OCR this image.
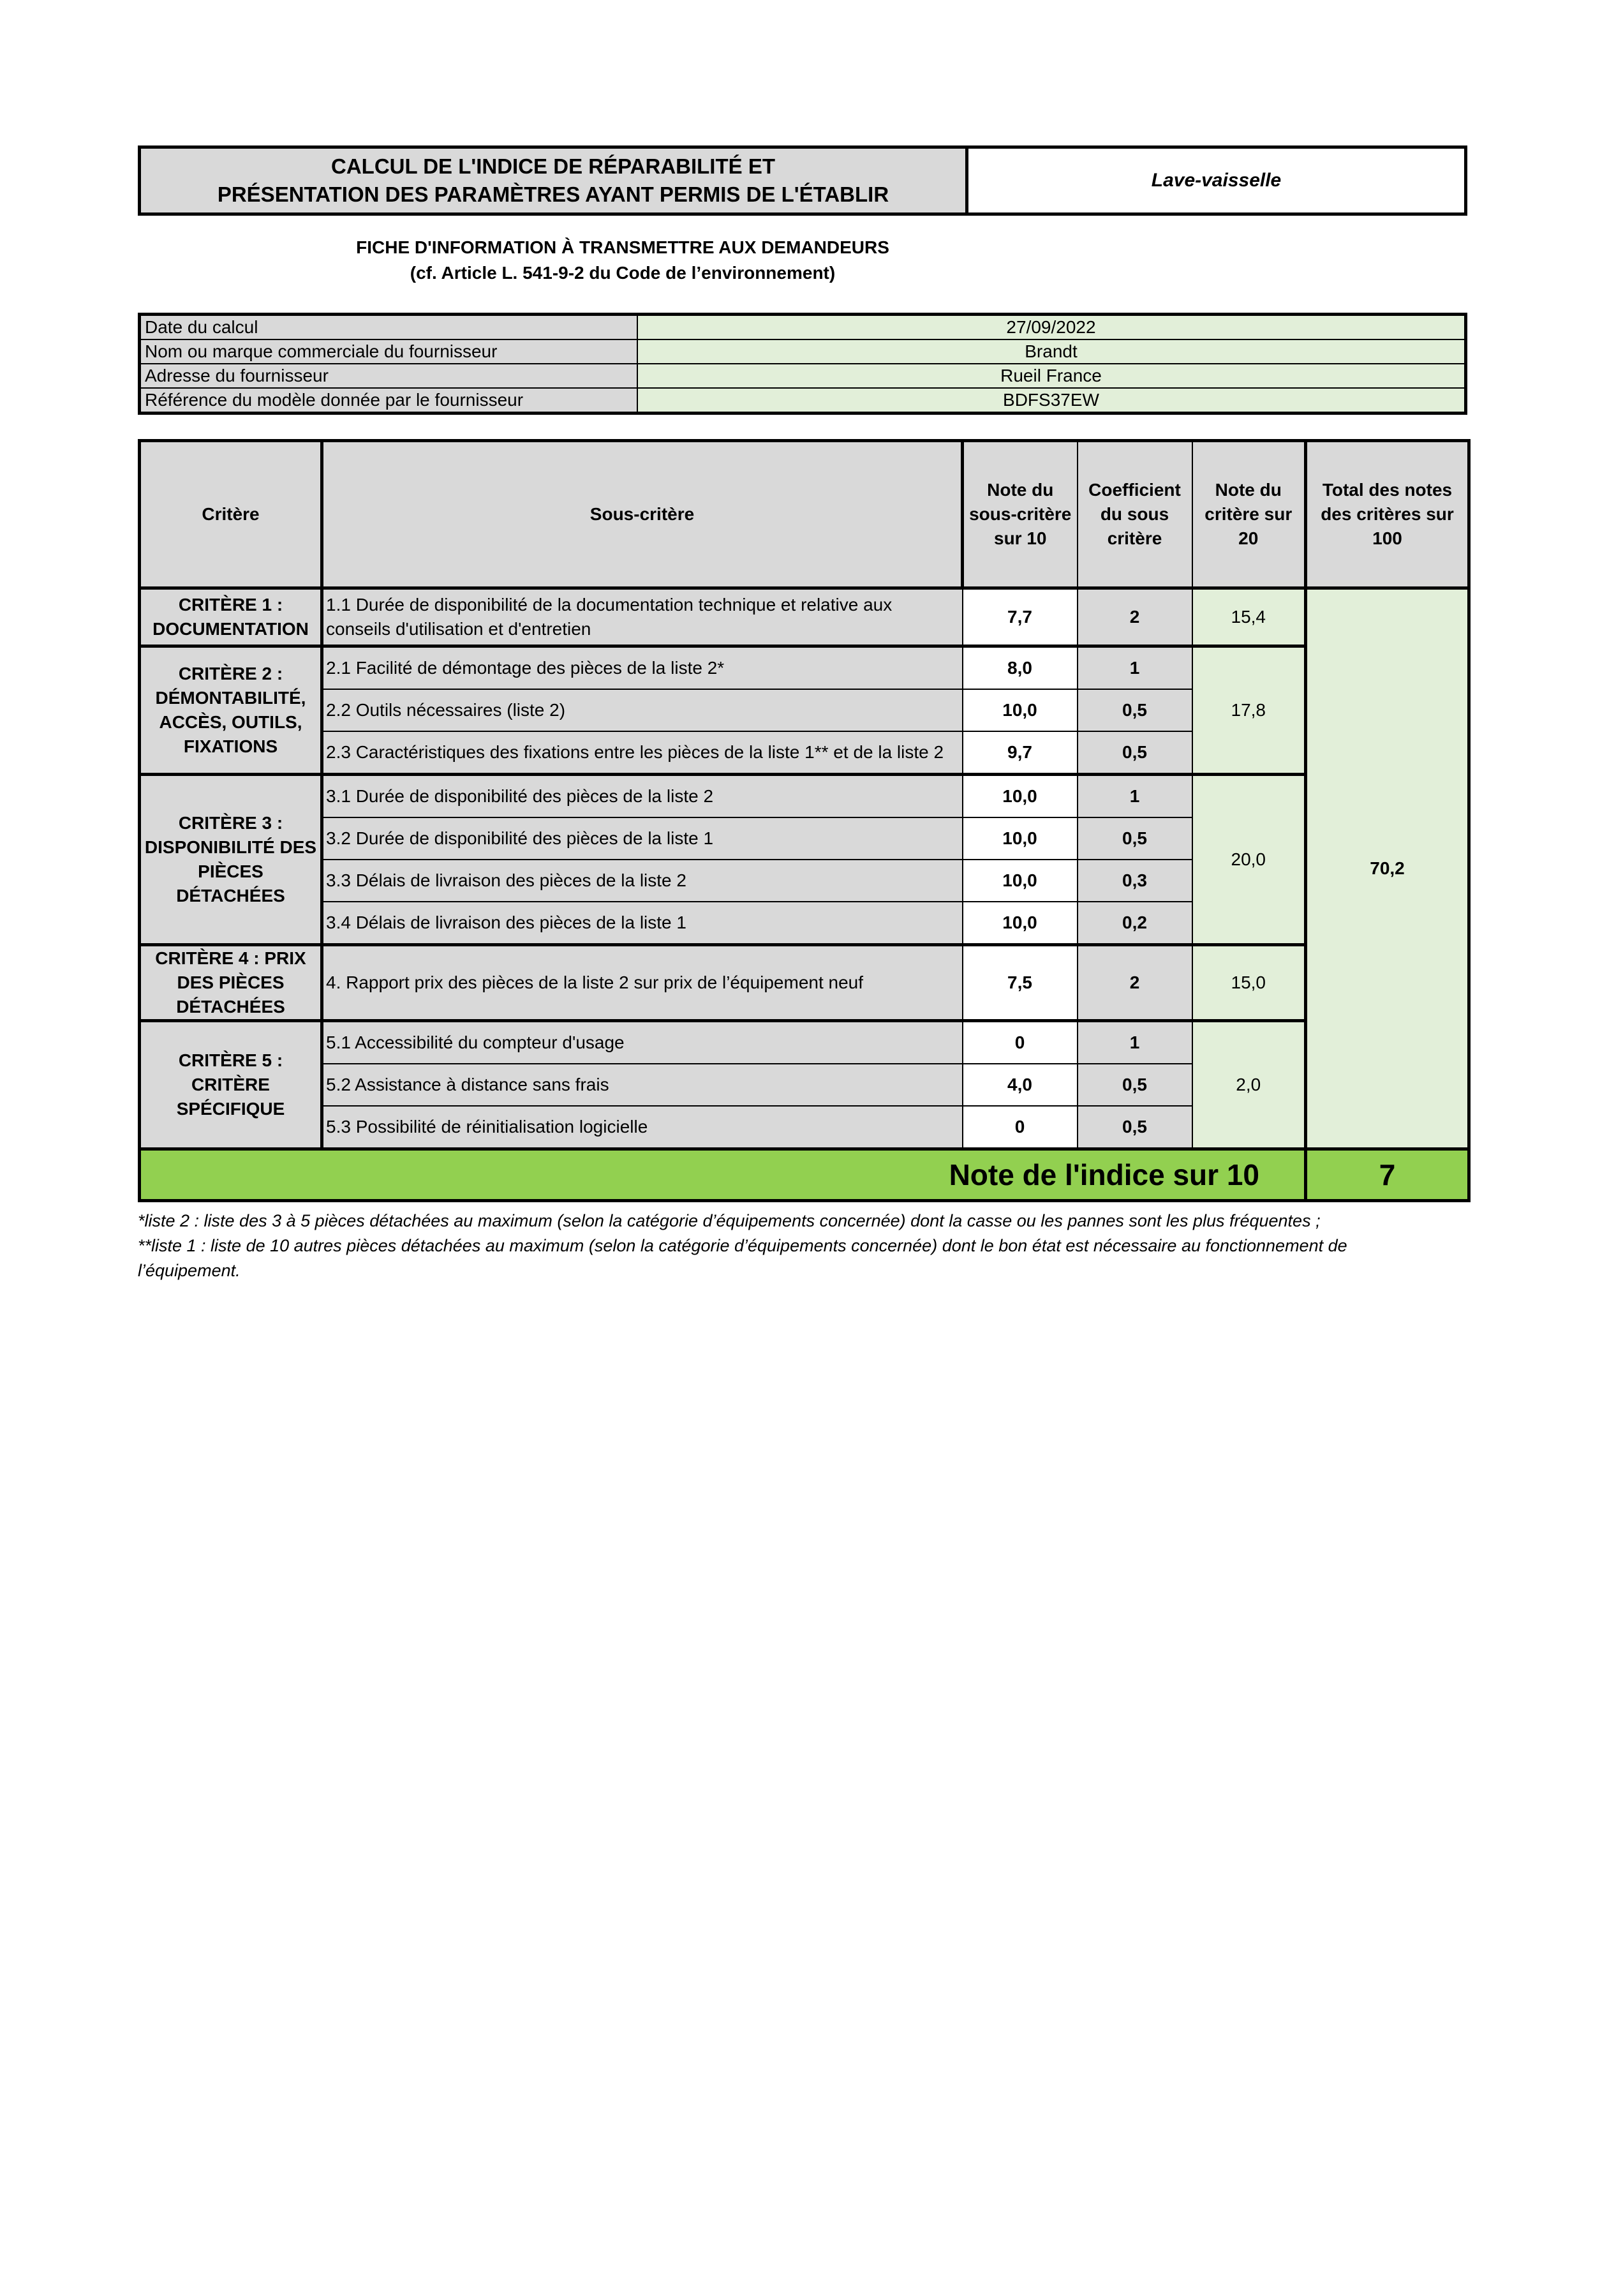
CALCUL DE L'INDICE DE RÉPARABILITÉ ET
PRÉSENTATION DES PARAMÈTRES AYANT PERMIS DE L'ÉTABLIR
	Lave-vaisselle
FICHE D'INFORMATION À TRANSMETTRE AUX DEMANDEURS
(cf. Article L. 541-9-2 du Code de l’environnement)
Date du calcul	27/09/2022
Nom ou marque commerciale du fournisseur	Brandt
Adresse du fournisseur	Rueil France
Référence du modèle donnée par le fournisseur	BDFS37EW
Critère	Sous-critère	Note du sous-critère sur 10	Coefficient du sous critère	Note du critère sur 20	Total des notes des critères sur 100
CRITÈRE 1 : DOCUMENTATION	1.1 Durée de disponibilité de la documentation technique et relative aux conseils d'utilisation et d'entretien	7,7	2	15,4	70,2
CRITÈRE 2 : DÉMONTABILITÉ, ACCÈS, OUTILS, FIXATIONS	2.1 Facilité de démontage des pièces de la liste 2*	8,0	1	17,8	
	2.2 Outils nécessaires (liste 2)	10,0	0,5		
	2.3 Caractéristiques des fixations entre les pièces de la liste 1** et de la liste 2	9,7	0,5		
CRITÈRE 3 : DISPONIBILITÉ DES PIÈCES DÉTACHÉES	3.1 Durée de disponibilité des pièces de la liste 2	10,0	1	20,0	
	3.2 Durée de disponibilité des pièces de la liste 1	10,0	0,5		
	3.3 Délais de livraison des pièces de la liste 2	10,0	0,3		
	3.4 Délais de livraison des pièces de la liste 1	10,0	0,2		
CRITÈRE 4 : PRIX DES PIÈCES DÉTACHÉES	4. Rapport prix des pièces de la liste 2 sur prix de l’équipement neuf	7,5	2	15,0	
CRITÈRE 5 : CRITÈRE SPÉCIFIQUE	5.1 Accessibilité du compteur d'usage	0	1	2,0	
	5.2 Assistance à distance sans frais	4,0	0,5		
	5.3 Possibilité de réinitialisation logicielle	0	0,5		
Note de l'indice sur 10					7
*liste 2 : liste des 3 à 5 pièces détachées au maximum (selon la catégorie d’équipements concernée) dont la casse ou les pannes sont les plus fréquentes ;
**liste 1 : liste de 10 autres pièces détachées au maximum (selon la catégorie d’équipements concernée) dont le bon état est nécessaire au fonctionnement de
l’équipement.
